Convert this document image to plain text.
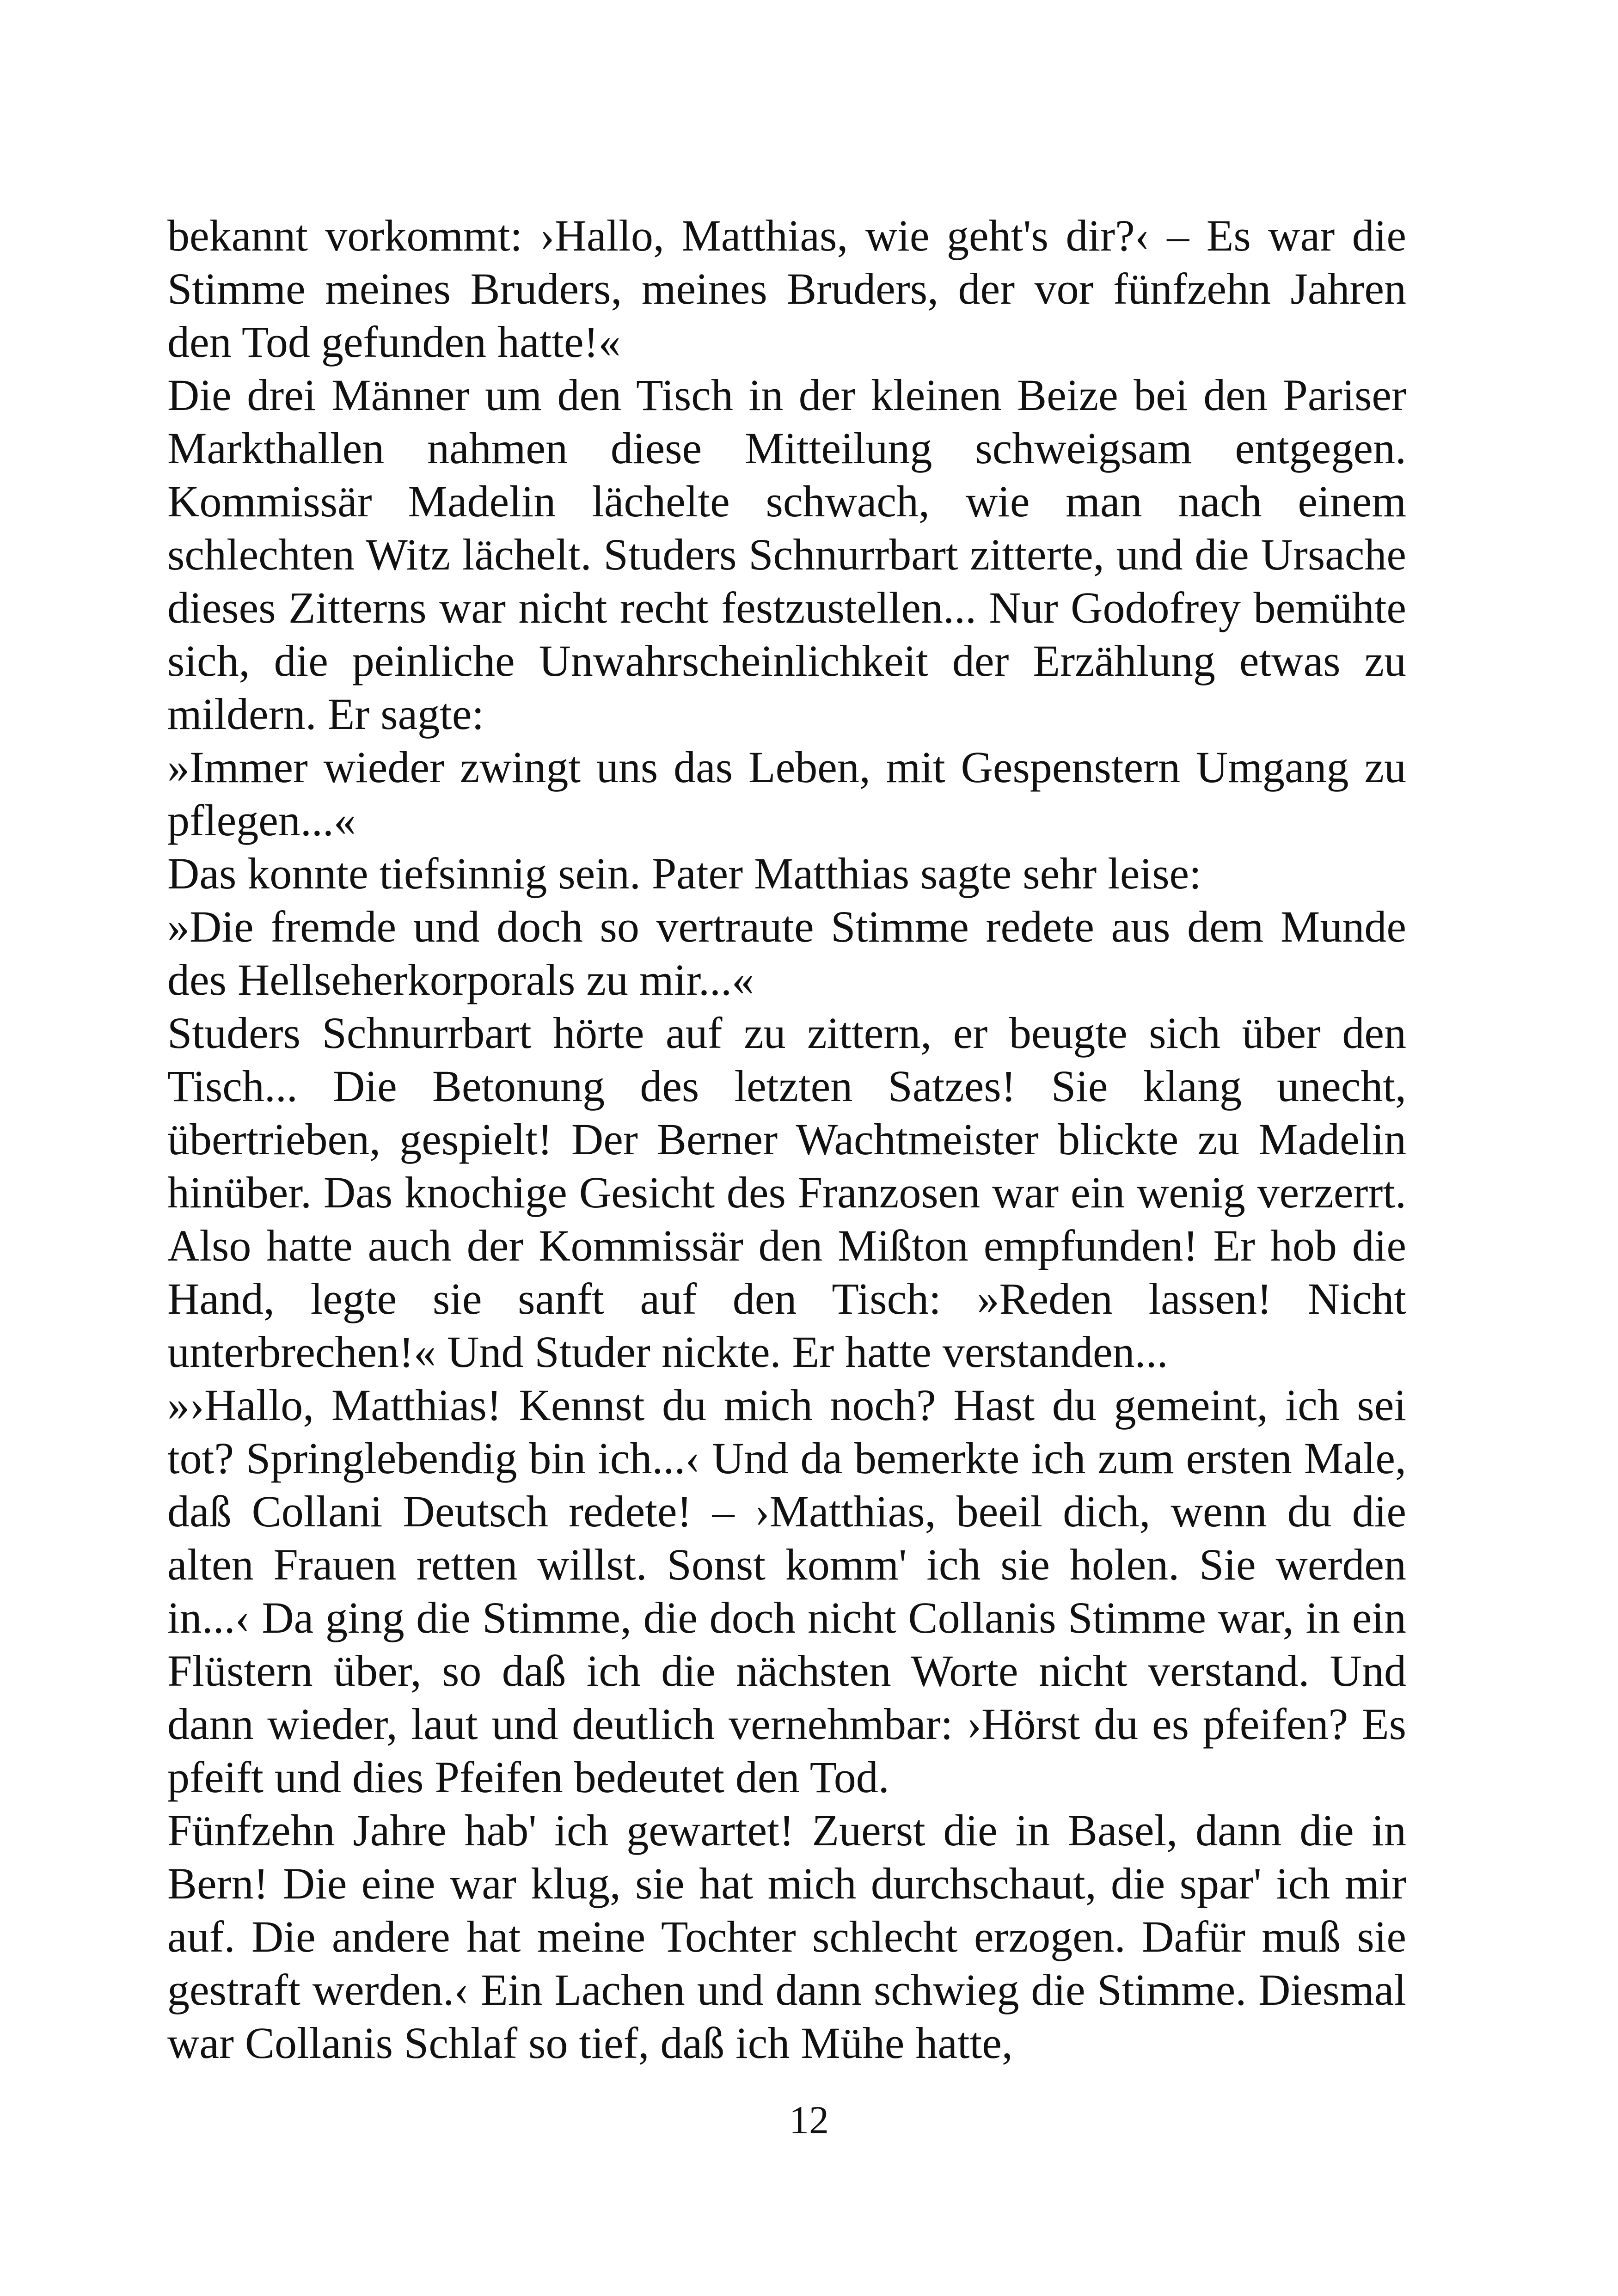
bekannt vorkommt: ›Hallo, Matthias, wie geht's dir?‹ – Es war die Stimme meines Bruders, meines Bruders, der vor fünfzehn Jahren den Tod gefunden hatte!«

Die drei Männer um den Tisch in der kleinen Beize bei den Pariser Markthallen nahmen diese Mitteilung schweigsam entgegen. Kommissär Madelin lächelte schwach, wie man nach einem schlechten Witz lächelt. Studers Schnurrbart zitterte, und die Ursache dieses Zitterns war nicht recht festzustellen... Nur Godofrey bemühte sich, die peinliche Unwahrscheinlichkeit der Erzählung etwas zu mildern. Er sagte:

»Immer wieder zwingt uns das Leben, mit Gespenstern Umgang zu pflegen...«

Das konnte tiefsinnig sein. Pater Matthias sagte sehr leise:

»Die fremde und doch so vertraute Stimme redete aus dem Munde des Hellseherkorporals zu mir...«

Studers Schnurrbart hörte auf zu zittern, er beugte sich über den Tisch... Die Betonung des letzten Satzes! Sie klang unecht, übertrieben, gespielt! Der Berner Wachtmeister blickte zu Madelin hinüber. Das knochige Gesicht des Franzosen war ein wenig verzerrt. Also hatte auch der Kommissär den Mißton empfunden! Er hob die Hand, legte sie sanft auf den Tisch: »Reden lassen! Nicht unterbrechen!« Und Studer nickte. Er hatte verstanden...

»›Hallo, Matthias! Kennst du mich noch? Hast du gemeint, ich sei tot? Springlebendig bin ich...‹ Und da bemerkte ich zum ersten Male, daß Collani Deutsch redete! – ›Matthias, beeil dich, wenn du die alten Frauen retten willst. Sonst komm' ich sie holen. Sie werden in...‹ Da ging die Stimme, die doch nicht Collanis Stimme war, in ein Flüstern über, so daß ich die nächsten Worte nicht verstand. Und dann wieder, laut und deutlich vernehmbar: ›Hörst du es pfeifen? Es pfeift und dies Pfeifen bedeutet den Tod.

Fünfzehn Jahre hab' ich gewartet! Zuerst die in Basel, dann die in Bern! Die eine war klug, sie hat mich durchschaut, die spar' ich mir auf. Die andere hat meine Tochter schlecht erzogen. Dafür muß sie gestraft werden.‹ Ein Lachen und dann schwieg die Stimme. Diesmal war Collanis Schlaf so tief, daß ich Mühe hatte,

12
